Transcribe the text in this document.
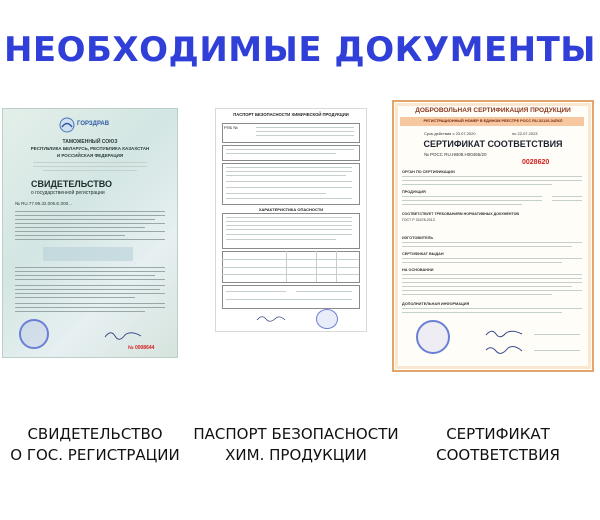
НЕОБХОДИМЫЕ ДОКУМЕНТЫ
ГОРЗДРАВ
ТАМОЖЕННЫЙ СОЮЗ
РЕСПУБЛИКА БЕЛАРУСЬ, РЕСПУБЛИКА КАЗАХСТАН
И РОССИЙСКАЯ ФЕДЕРАЦИЯ
СВИДЕТЕЛЬСТВО
о государственной регистрации
№ RU.77.99.32.006.Е.000...
№ 0008644
ПАСПОРТ БЕЗОПАСНОСТИ ХИМИЧЕСКОЙ ПРОДУКЦИИ
РПБ №
ХАРАКТЕРИСТИКА ОПАСНОСТИ
ДОБРОВОЛЬНАЯ СЕРТИФИКАЦИЯ ПРОДУКЦИИ
РЕГИСТРАЦИОННЫЙ НОМЕР В ЕДИНОМ РЕЕСТРЕ РОСС RU.З2126.04ЛКЛ
Срок действия с 23.07.2020	по 22.07.2023
СЕРТИФИКАТ СООТВЕТСТВИЯ
№ РОСС RU.НВ08.Н00455/20
0028620
ОРГАН ПО СЕРТИФИКАЦИИ
ПРОДУКЦИЯ
СООТВЕТСТВУЕТ ТРЕБОВАНИЯМ НОРМАТИВНЫХ ДОКУМЕНТОВ
ГОСТ Р 32478-2013
ИЗГОТОВИТЕЛЬ
СЕРТИФИКАТ ВЫДАН
НА ОСНОВАНИИ
ДОПОЛНИТЕЛЬНАЯ ИНФОРМАЦИЯ
СВИДЕТЕЛЬСТВО
О ГОС. РЕГИСТРАЦИИ
ПАСПОРТ БЕЗОПАСНОСТИ
ХИМ. ПРОДУКЦИИ
СЕРТИФИКАТ
СООТВЕТСТВИЯ
